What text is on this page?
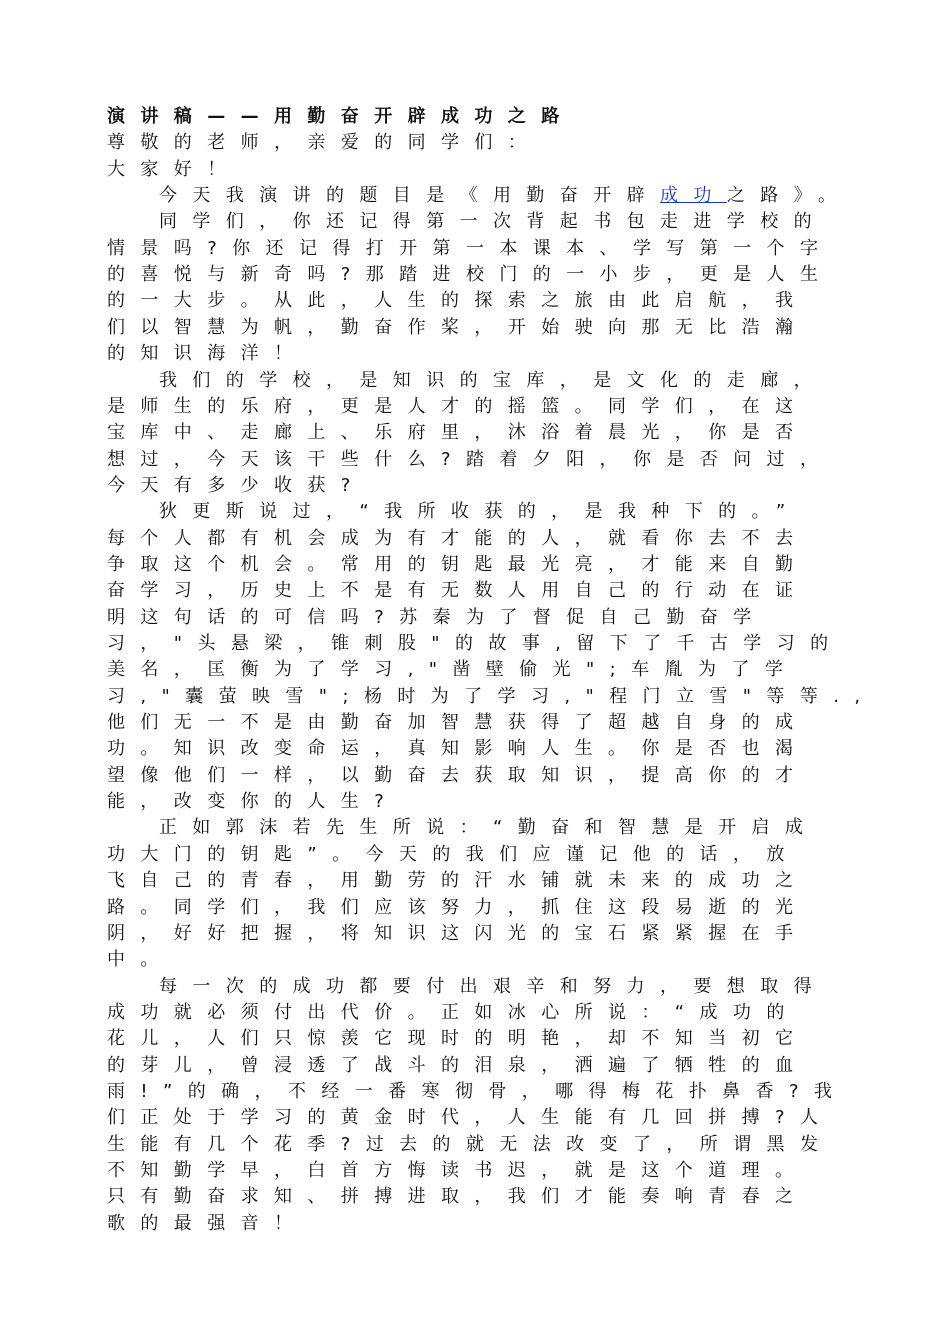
演讲稿——用勤奋开辟成功之路
尊敬的老师，亲爱的同学们：
大家好！
今天我演讲的题目是《用勤奋开辟成功之路》。
同学们，你还记得第一次背起书包走进学校的
情景吗?你还记得打开第一本课本、学写第一个字
的喜悦与新奇吗?那踏进校门的一小步，更是人生
的一大步。从此，人生的探索之旅由此启航，我
们以智慧为帆，勤奋作桨，开始驶向那无比浩瀚
的知识海洋！
我们的学校，是知识的宝库，是文化的走廊，
是师生的乐府，更是人才的摇篮。同学们，在这
宝库中、走廊上、乐府里，沐浴着晨光，你是否
想过，今天该干些什么?踏着夕阳，你是否问过，
今天有多少收获?
狄更斯说过，“我所收获的，是我种下的。”
每个人都有机会成为有才能的人，就看你去不去
争取这个机会。常用的钥匙最光亮，才能来自勤
奋学习，历史上不是有无数人用自己的行动在证
明这句话的可信吗?苏秦为了督促自己勤奋学
习，"头悬梁，锥刺股"的故事,留下了千古学习的
美名，匡衡为了学习,"凿壁偷光";车胤为了学
习,"囊萤映雪";杨时为了学习,"程门立雪"等等.,
他们无一不是由勤奋加智慧获得了超越自身的成
功。知识改变命运，真知影响人生。你是否也渴
望像他们一样，以勤奋去获取知识，提高你的才
能，改变你的人生?
正如郭沫若先生所说：“勤奋和智慧是开启成
功大门的钥匙”。今天的我们应谨记他的话，放
飞自己的青春，用勤劳的汗水铺就未来的成功之
路。同学们，我们应该努力，抓住这段易逝的光
阴，好好把握，将知识这闪光的宝石紧紧握在手
中。
每一次的成功都要付出艰辛和努力，要想取得
成功就必须付出代价。正如冰心所说：“成功的
花儿，人们只惊羡它现时的明艳，却不知当初它
的芽儿，曾浸透了战斗的泪泉，洒遍了牺牲的血
雨!”的确，不经一番寒彻骨，哪得梅花扑鼻香?我
们正处于学习的黄金时代，人生能有几回拼搏?人
生能有几个花季?过去的就无法改变了，所谓黑发
不知勤学早，白首方悔读书迟，就是这个道理。
只有勤奋求知、拼搏进取，我们才能奏响青春之
歌的最强音！
